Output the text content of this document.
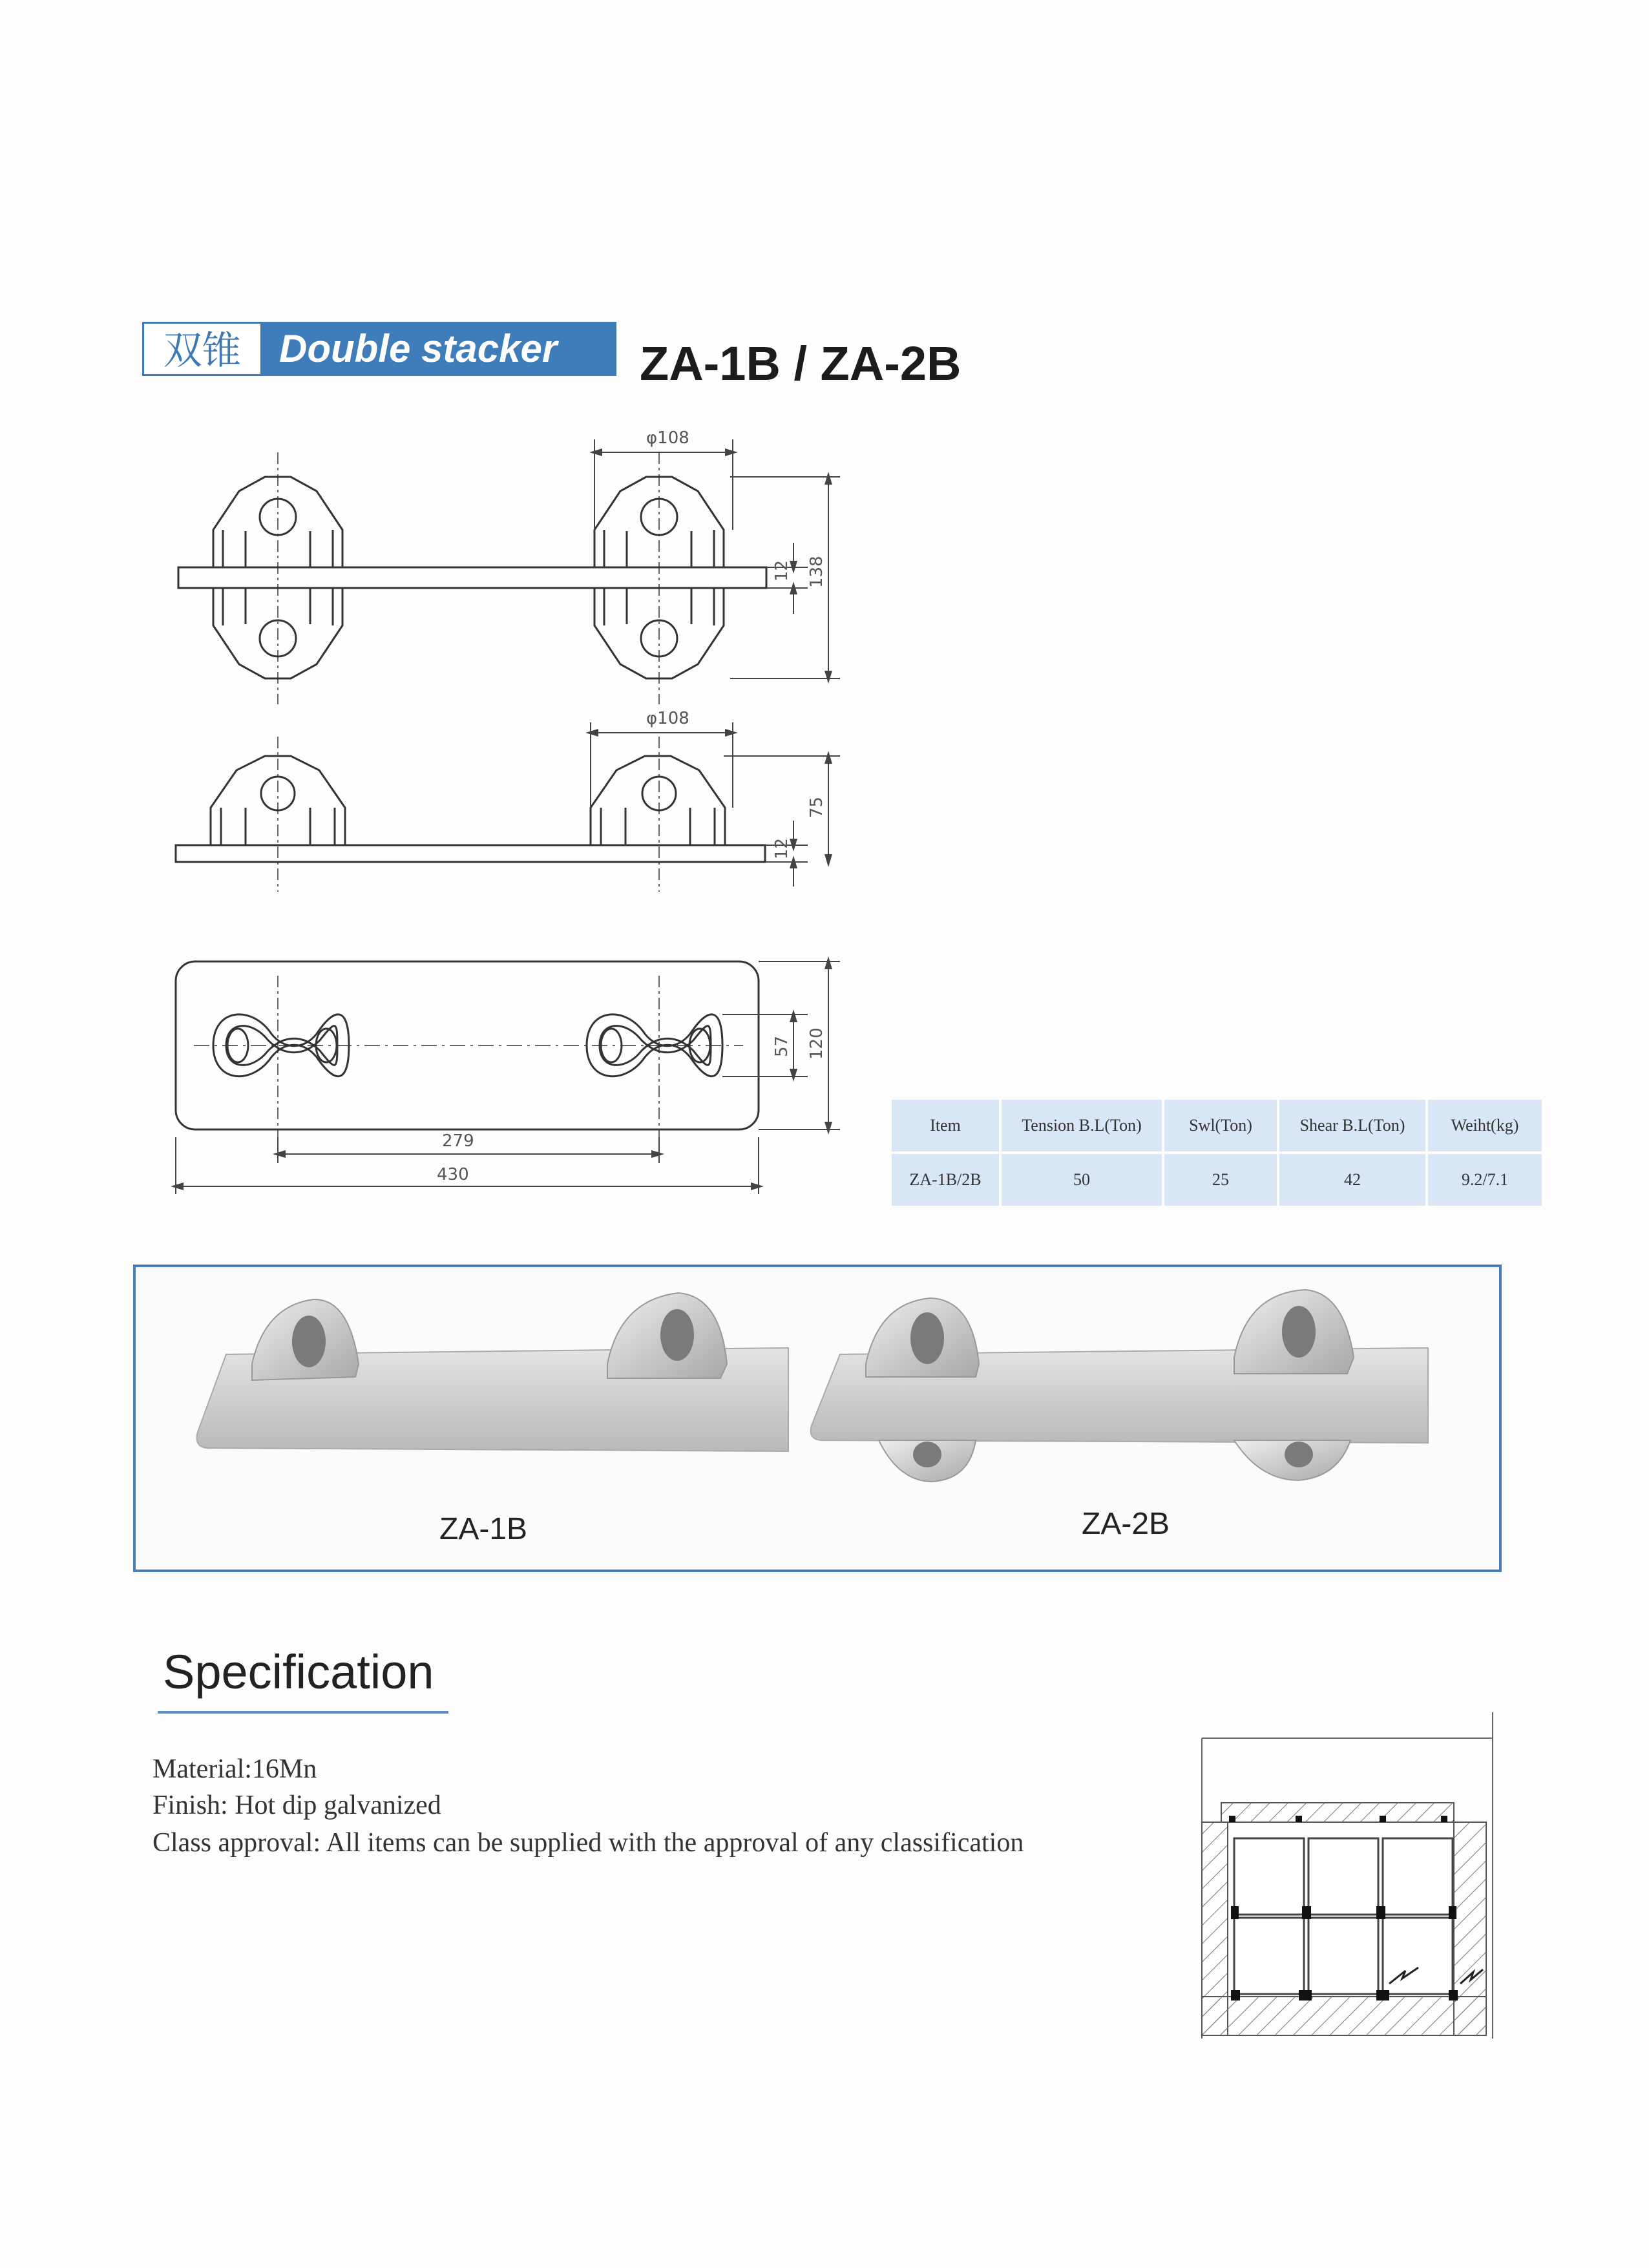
双锥 Double stacker	ZA-1B / ZA-2B
φ108
12 138
φ108
12
75
57 120
279
430
Item	Tension B.L(Ton)	Swl(Ton)	Shear B.L(Ton)	Weiht(kg)
ZA-1B/2B	50	25	42	9.2/7.1
ZA-1B	ZA-2B
Specification
Material:16Mn
Finish: Hot dip galvanized
Class approval: All items can be supplied with the approval of any classification
